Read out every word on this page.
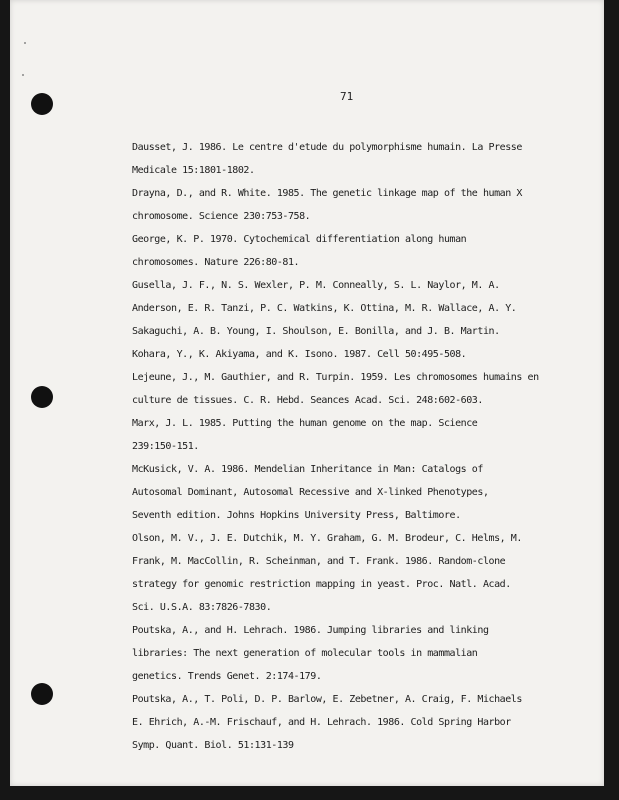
71

Dausset, J. 1986. Le centre d'etude du polymorphisme humain. La Presse
Medicale 15:1801-1802.

Drayna, D., and R. White. 1985. The genetic linkage map of the human X
chromosome. Science 230:753-758.

George, K. P. 1970. Cytochemical differentiation along human
chromosomes. Nature 226:80-81.

Gusella, J. F., N. S. Wexler, P. M. Conneally, S. L. Naylor, M. A.
Anderson, E. R. Tanzi, P. C. Watkins, K. Ottina, M. R. Wallace, A. Y.
Sakaguchi, A. B. Young, I. Shoulson, E. Bonilla, and J. B. Martin.

Kohara, Y., K. Akiyama, and K. Isono. 1987. Cell 50:495-508.

Lejeune, J., M. Gauthier, and R. Turpin. 1959. Les chromosomes humains en
culture de tissues. C. R. Hebd. Seances Acad. Sci. 248:602-603.

Marx, J. L. 1985. Putting the human genome on the map. Science
239:150-151.

McKusick, V. A. 1986. Mendelian Inheritance in Man: Catalogs of
Autosomal Dominant, Autosomal Recessive and X-linked Phenotypes,
Seventh edition. Johns Hopkins University Press, Baltimore.

Olson, M. V., J. E. Dutchik, M. Y. Graham, G. M. Brodeur, C. Helms, M.
Frank, M. MacCollin, R. Scheinman, and T. Frank. 1986. Random-clone
strategy for genomic restriction mapping in yeast. Proc. Natl. Acad.
Sci. U.S.A. 83:7826-7830.

Poutska, A., and H. Lehrach. 1986. Jumping libraries and linking
libraries: The next generation of molecular tools in mammalian
genetics. Trends Genet. 2:174-179.

Poutska, A., T. Poli, D. P. Barlow, E. Zebetner, A. Craig, F. Michaels
E. Ehrich, A.-M. Frischauf, and H. Lehrach. 1986. Cold Spring Harbor
Symp. Quant. Biol. 51:131-139
